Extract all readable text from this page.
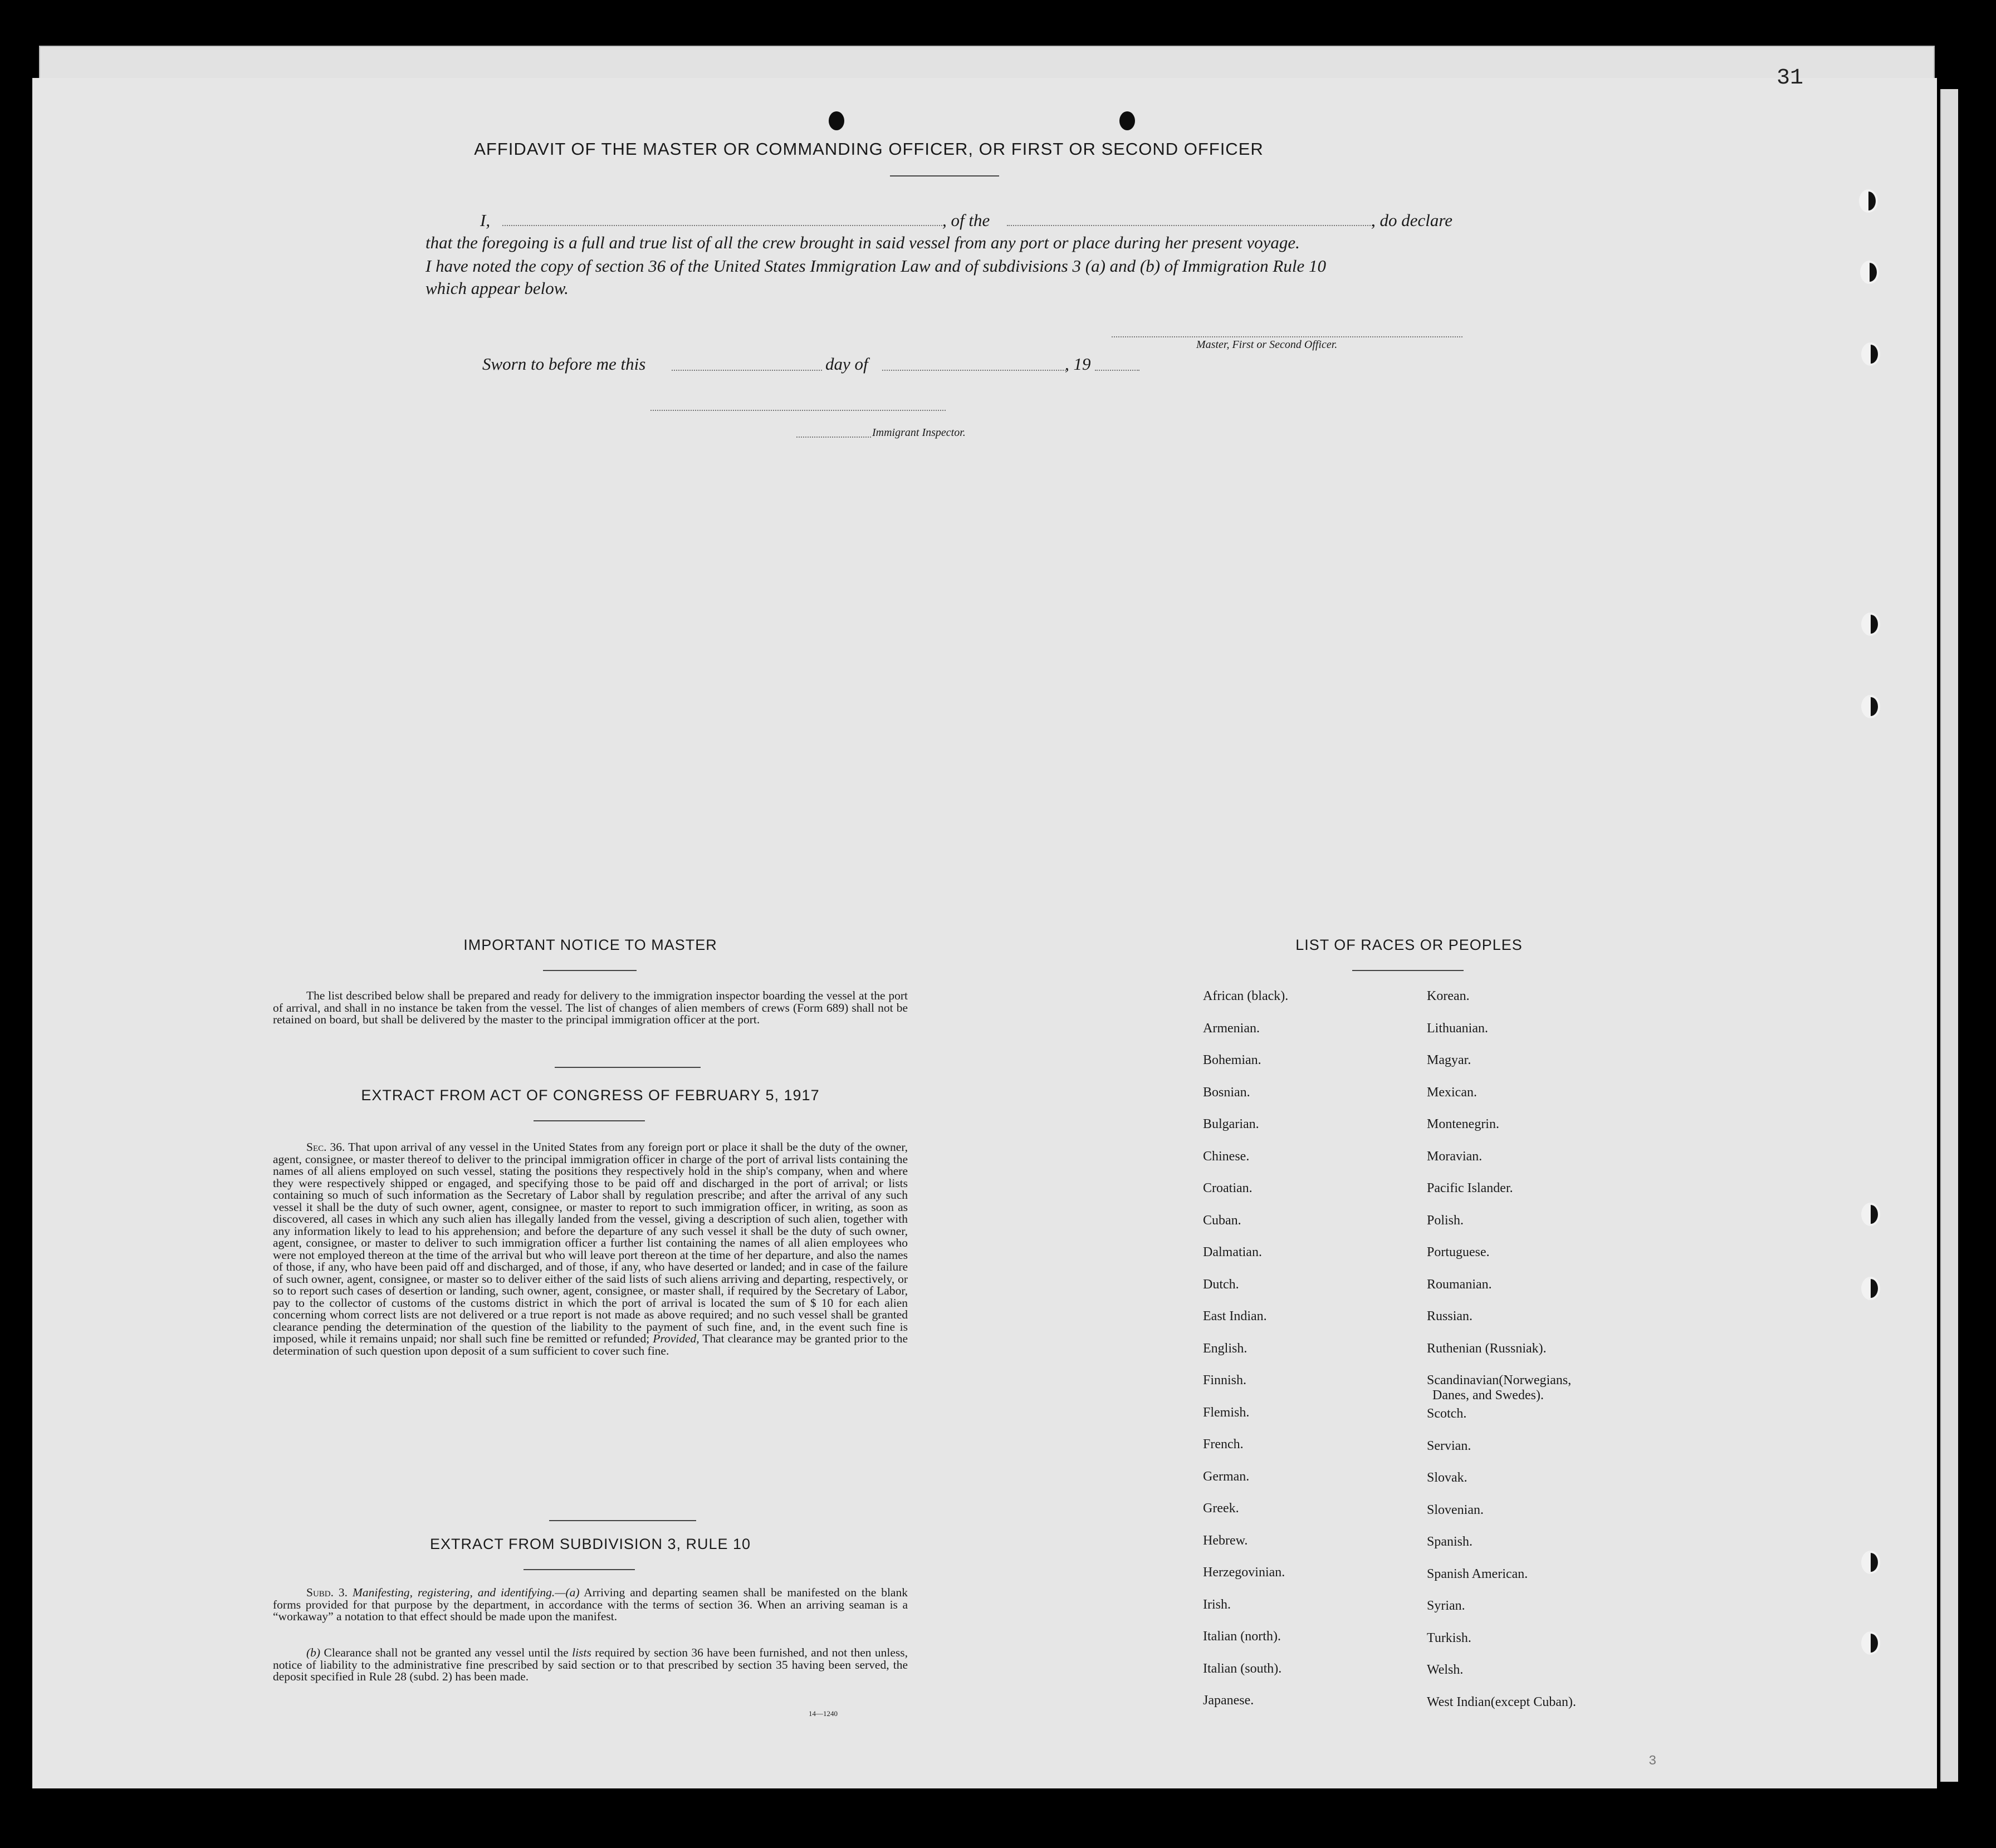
31
AFFIDAVIT OF THE MASTER OR COMMANDING OFFICER, OR FIRST OR SECOND OFFICER
I,	, of the	, do declare
that the foregoing is a full and true list of all the crew brought in said vessel from any port or place during her present voyage.
I have noted the copy of section 36 of the United States Immigration Law and of subdivisions 3 (a) and (b) of Immigration Rule 10
which appear below.
Master, First or Second Officer.
Sworn to before me this	day of	, 19
Immigrant Inspector.
IMPORTANT NOTICE TO MASTER
The list described below shall be prepared and ready for delivery to the immigration inspector boarding the vessel at the port of arrival, and shall in no instance be taken from the vessel. The list of changes of alien members of crews (Form 689) shall not be retained on board, but shall be delivered by the master to the principal immigration officer at the port.
EXTRACT FROM ACT OF CONGRESS OF FEBRUARY 5, 1917
Sec. 36. That upon arrival of any vessel in the United States from any foreign port or place it shall be the duty of the owner, agent, consignee, or master thereof to deliver to the principal immigration officer in charge of the port of arrival lists containing the names of all aliens employed on such vessel, stating the positions they respectively hold in the ship's company, when and where they were respectively shipped or engaged, and specifying those to be paid off and discharged in the port of arrival; or lists containing so much of such information as the Secretary of Labor shall by regulation prescribe; and after the arrival of any such vessel it shall be the duty of such owner, agent, consignee, or master to report to such immigration officer, in writing, as soon as discovered, all cases in which any such alien has illegally landed from the vessel, giving a description of such alien, together with any information likely to lead to his apprehension; and before the departure of any such vessel it shall be the duty of such owner, agent, consignee, or master to deliver to such immigration officer a further list containing the names of all alien employees who were not employed thereon at the time of the arrival but who will leave port thereon at the time of her departure, and also the names of those, if any, who have been paid off and discharged, and of those, if any, who have deserted or landed; and in case of the failure of such owner, agent, consignee, or master so to deliver either of the said lists of such aliens arriving and departing, respectively, or so to report such cases of desertion or landing, such owner, agent, consignee, or master shall, if required by the Secretary of Labor, pay to the collector of customs of the customs district in which the port of arrival is located the sum of $ 10 for each alien concerning whom correct lists are not delivered or a true report is not made as above required; and no such vessel shall be granted clearance pending the determination of the question of the liability to the payment of such fine, and, in the event such fine is imposed, while it remains unpaid; nor shall such fine be remitted or refunded; Provided, That clearance may be granted prior to the determination of such question upon deposit of a sum sufficient to cover such fine.
EXTRACT FROM SUBDIVISION 3, RULE 10
Subd. 3. Manifesting, registering, and identifying.—(a) Arriving and departing seamen shall be manifested on the blank forms provided for that purpose by the department, in accordance with the terms of section 36. When an arriving seaman is a “workaway” a notation to that effect should be made upon the manifest.
(b) Clearance shall not be granted any vessel until the lists required by section 36 have been furnished, and not then unless, notice of liability to the administrative fine prescribed by said section or to that prescribed by section 35 having been served, the deposit specified in Rule 28 (subd. 2) has been made.
14—1240
LIST OF RACES OR PEOPLES
African (black).
Armenian.
Bohemian.
Bosnian.
Bulgarian.
Chinese.
Croatian.
Cuban.
Dalmatian.
Dutch.
East Indian.
English.
Finnish.
Flemish.
French.
German.
Greek.
Hebrew.
Herzegovinian.
Irish.
Italian (north).
Italian (south).
Japanese.
Korean.
Lithuanian.
Magyar.
Mexican.
Montenegrin.
Moravian.
Pacific Islander.
Polish.
Portuguese.
Roumanian.
Russian.
Ruthenian (Russniak).
Scandinavian(Norwegians,
Danes, and Swedes).
Scotch.
Servian.
Slovak.
Slovenian.
Spanish.
Spanish American.
Syrian.
Turkish.
Welsh.
West Indian(except Cuban).
3
